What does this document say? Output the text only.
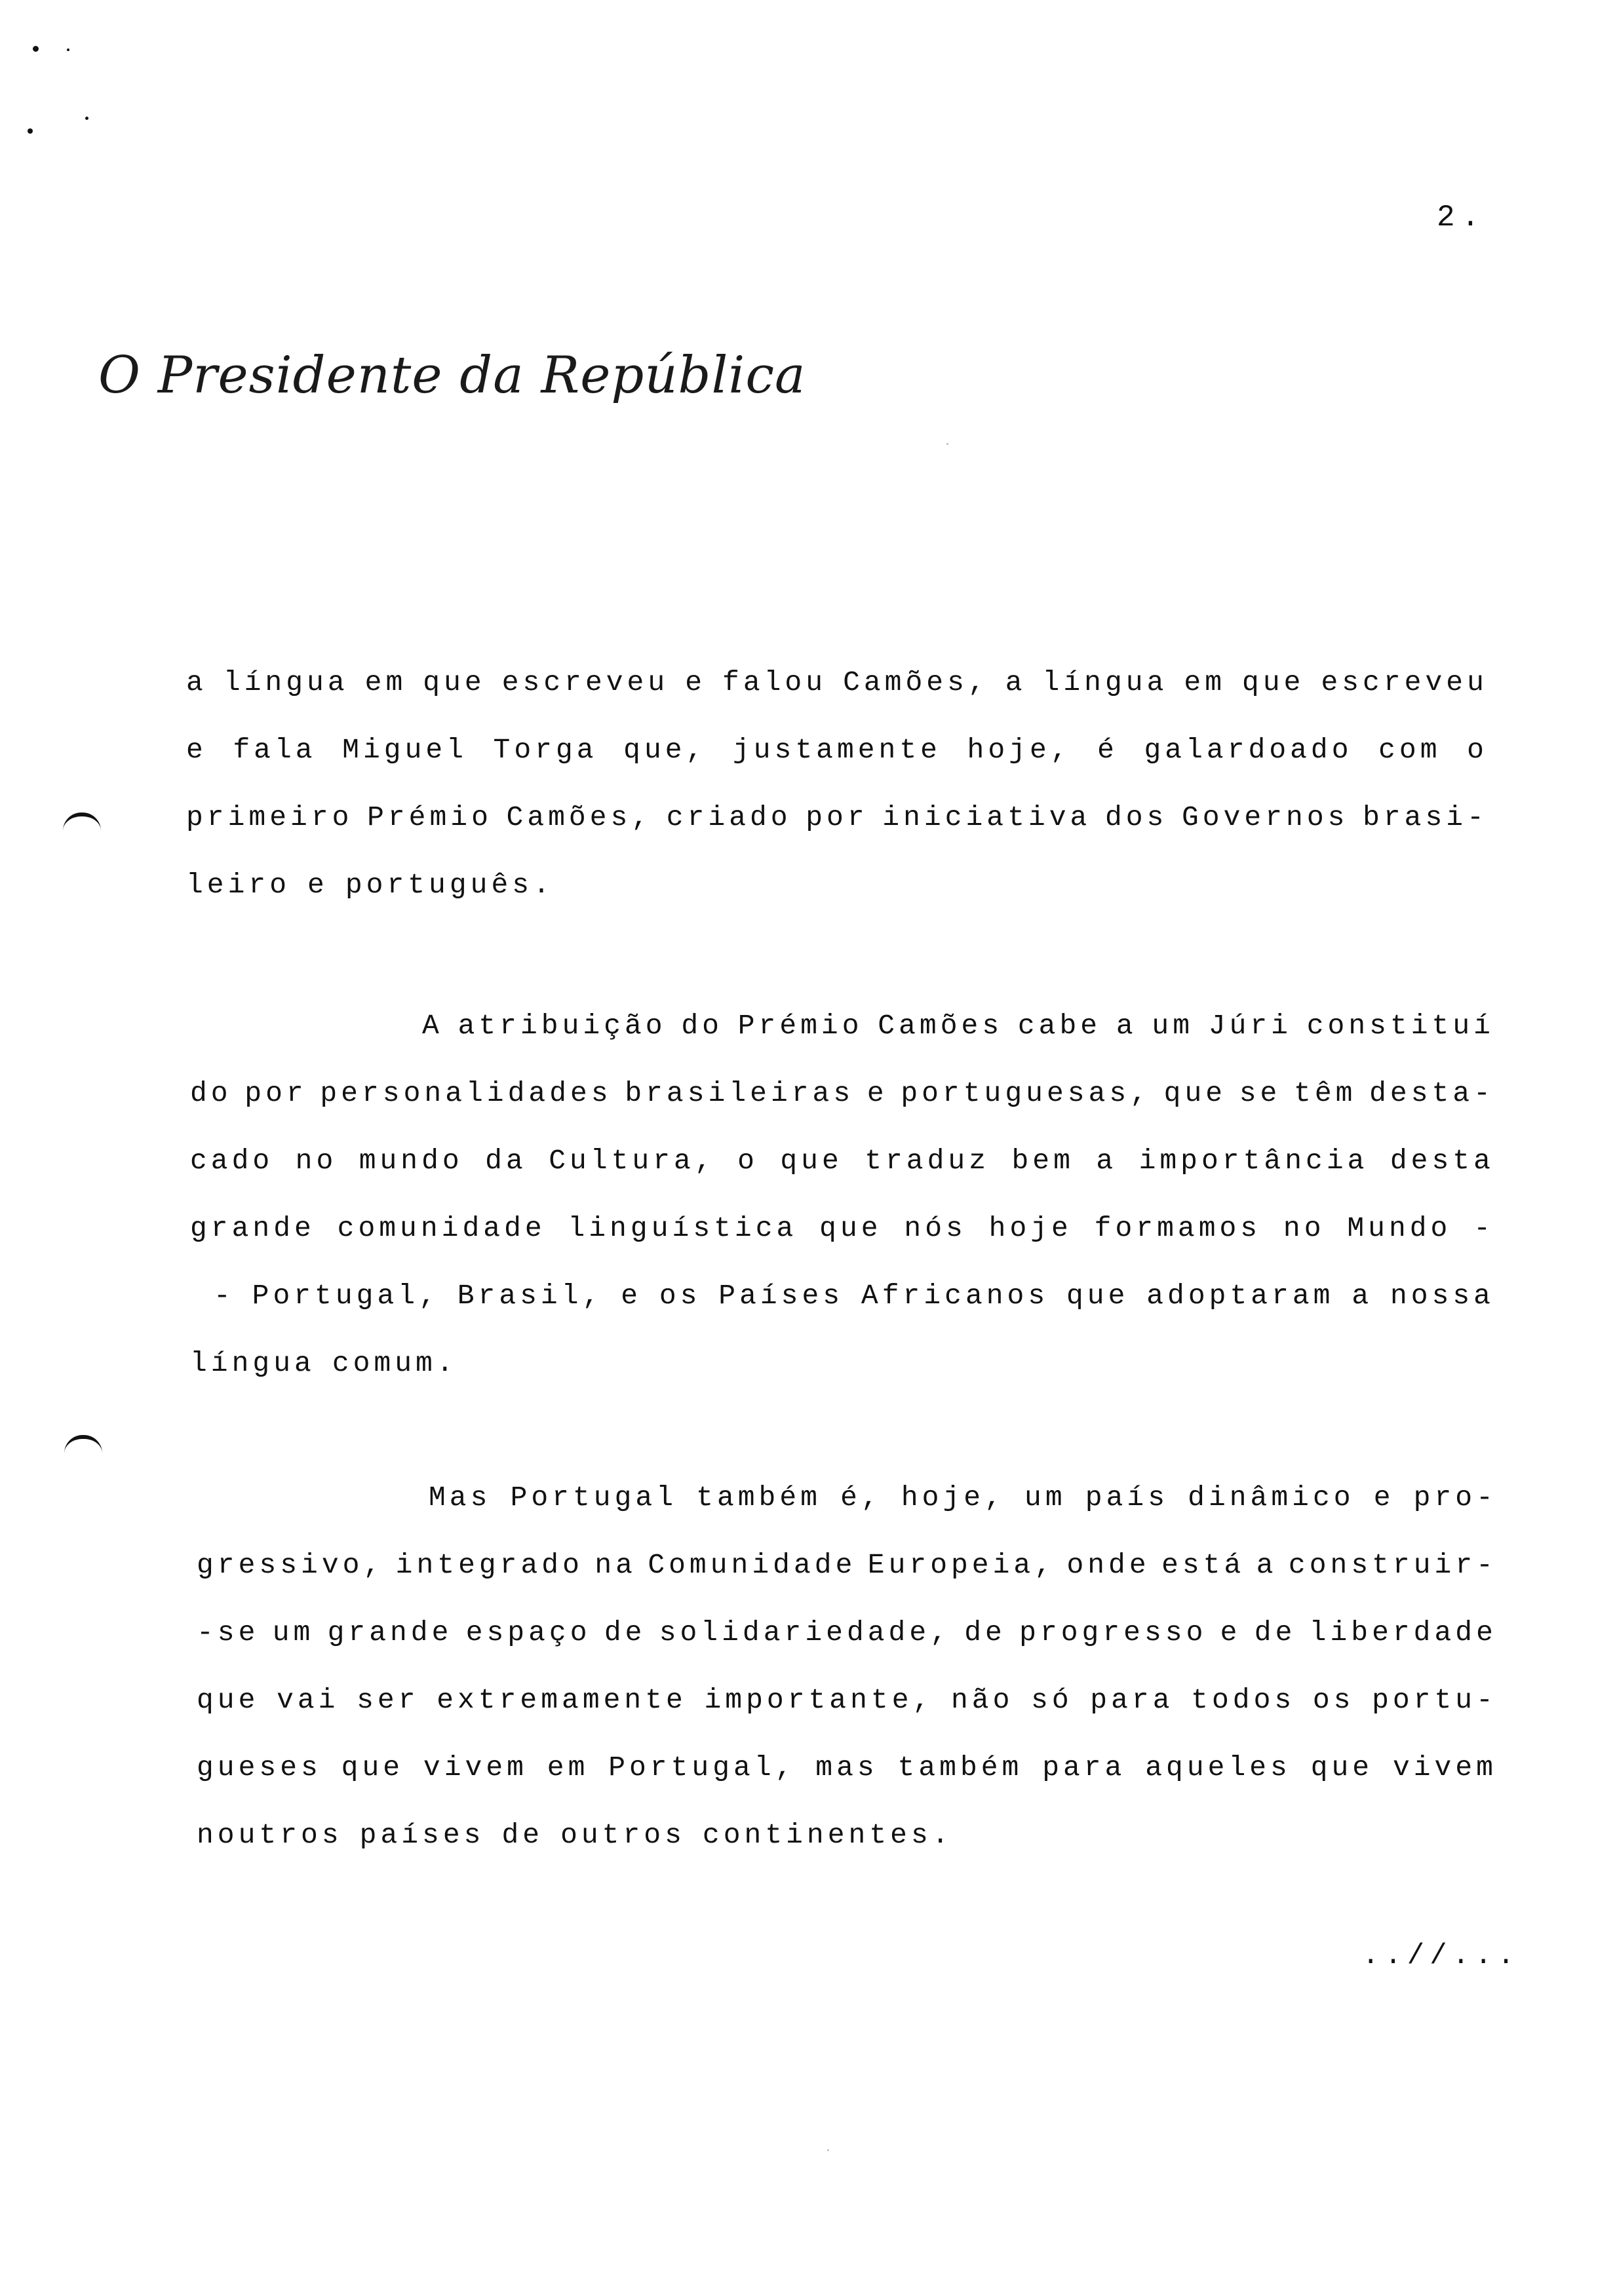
2.
O Presidente da República
a língua em que escreveu e falou Camões, a língua em que escreveu
e fala Miguel Torga que, justamente hoje, é galardoado com o
primeiro Prémio Camões, criado por iniciativa dos Governos brasi-
leiro e português.
A atribuição do Prémio Camões cabe a um Júri constituí
do por personalidades brasileiras e portuguesas, que se têm desta-
cado no mundo da Cultura, o que traduz bem a importância desta
grande comunidade linguística que nós hoje formamos no Mundo -
- Portugal, Brasil, e os Países Africanos que adoptaram a nossa
língua comum.
Mas Portugal também é, hoje, um país dinâmico e pro-
gressivo, integrado na Comunidade Europeia, onde está a construir-
-se um grande espaço de solidariedade, de progresso e de liberdade
que vai ser extremamente importante, não só para todos os portu-
gueses que vivem em Portugal, mas também para aqueles que vivem
noutros países de outros continentes.
..//...
